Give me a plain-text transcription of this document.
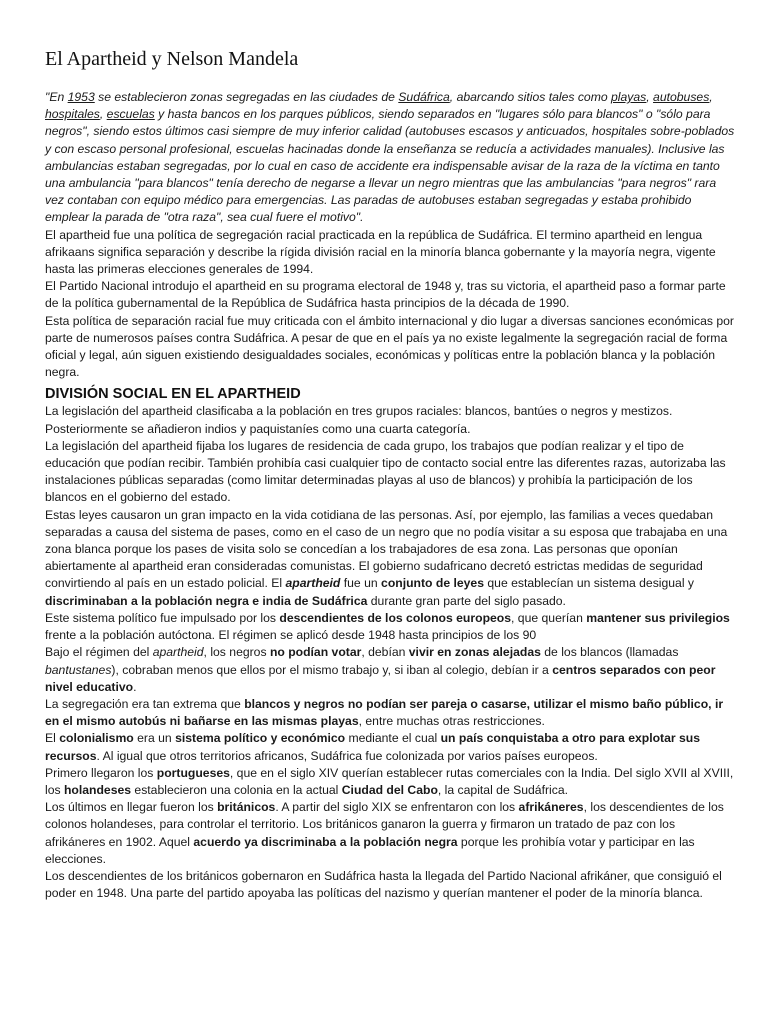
El Apartheid y Nelson Mandela

"En 1953 se establecieron zonas segregadas en las ciudades de Sudáfrica, abarcando sitios tales como playas, autobuses, hospitales, escuelas y hasta bancos en los parques públicos, siendo separados en "lugares sólo para blancos" o "sólo para negros", siendo estos últimos casi siempre de muy inferior calidad (autobuses escasos y anticuados, hospitales sobre-poblados y con escaso personal profesional, escuelas hacinadas donde la enseñanza se reducía a actividades manuales). Inclusive las ambulancias estaban segregadas, por lo cual en caso de accidente era indispensable avisar de la raza de la víctima en tanto una ambulancia "para blancos" tenía derecho de negarse a llevar un negro mientras que las ambulancias "para negros" rara vez contaban con equipo médico para emergencias. Las paradas de autobuses estaban segregadas y estaba prohibido emplear la parada de "otra raza", sea cual fuere el motivo".

El apartheid fue una política de segregación racial practicada en la república de Sudáfrica. El termino apartheid en lengua afrikaans significa separación y describe la rígida división racial en la minoría blanca gobernante y la mayoría negra, vigente hasta las primeras elecciones generales de 1994.

El Partido Nacional introdujo el apartheid en su programa electoral de 1948 y, tras su victoria, el apartheid paso a formar parte de la política gubernamental de la República de Sudáfrica hasta principios de la década de 1990.

Esta política de separación racial fue muy criticada con el ámbito internacional y dio lugar a diversas sanciones económicas por parte de numerosos países contra Sudáfrica. A pesar de que en el país ya no existe legalmente la segregación racial de forma oficial y legal, aún siguen existiendo desigualdades sociales, económicas y políticas entre la población blanca y la población negra.

DIVISIÓN SOCIAL EN EL APARTHEID

La legislación del apartheid clasificaba a la población en tres grupos raciales: blancos, bantúes o negros y mestizos. Posteriormente se añadieron indios y paquistaníes como una cuarta categoría.

La legislación del apartheid fijaba los lugares de residencia de cada grupo, los trabajos que podían realizar y el tipo de educación que podían recibir. También prohibía casi cualquier tipo de contacto social entre las diferentes razas, autorizaba las instalaciones públicas separadas (como limitar determinadas playas al uso de blancos) y prohibía la participación de los blancos en el gobierno del estado.

Estas leyes causaron un gran impacto en la vida cotidiana de las personas. Así, por ejemplo, las familias a veces quedaban separadas a causa del sistema de pases, como en el caso de un negro que no podía visitar a su esposa que trabajaba en una zona blanca porque los pases de visita solo se concedían a los trabajadores de esa zona. Las personas que oponían abiertamente al apartheid eran consideradas comunistas. El gobierno sudafricano decretó estrictas medidas de seguridad convirtiendo al país en un estado policial. El apartheid fue un conjunto de leyes que establecían un sistema desigual y discriminaban a la población negra e india de Sudáfrica durante gran parte del siglo pasado.

Este sistema político fue impulsado por los descendientes de los colonos europeos, que querían mantener sus privilegios frente a la población autóctona. El régimen se aplicó desde 1948 hasta principios de los 90

Bajo el régimen del apartheid, los negros no podían votar, debían vivir en zonas alejadas de los blancos (llamadas bantustanes), cobraban menos que ellos por el mismo trabajo y, si iban al colegio, debían ir a centros separados con peor nivel educativo.

La segregación era tan extrema que blancos y negros no podían ser pareja o casarse, utilizar el mismo baño público, ir en el mismo autobús ni bañarse en las mismas playas, entre muchas otras restricciones.

El colonialismo era un sistema político y económico mediante el cual un país conquistaba a otro para explotar sus recursos. Al igual que otros territorios africanos, Sudáfrica fue colonizada por varios países europeos.

Primero llegaron los portugueses, que en el siglo XIV querían establecer rutas comerciales con la India. Del siglo XVII al XVIII, los holandeses establecieron una colonia en la actual Ciudad del Cabo, la capital de Sudáfrica.

Los últimos en llegar fueron los británicos. A partir del siglo XIX se enfrentaron con los afrikáneres, los descendientes de los colonos holandeses, para controlar el territorio. Los británicos ganaron la guerra y firmaron un tratado de paz con los afrikáneres en 1902. Aquel acuerdo ya discriminaba a la población negra porque les prohibía votar y participar en las elecciones.

Los descendientes de los británicos gobernaron en Sudáfrica hasta la llegada del Partido Nacional afrikáner, que consiguió el poder en 1948. Una parte del partido apoyaba las políticas del nazismo y querían mantener el poder de la minoría blanca.
